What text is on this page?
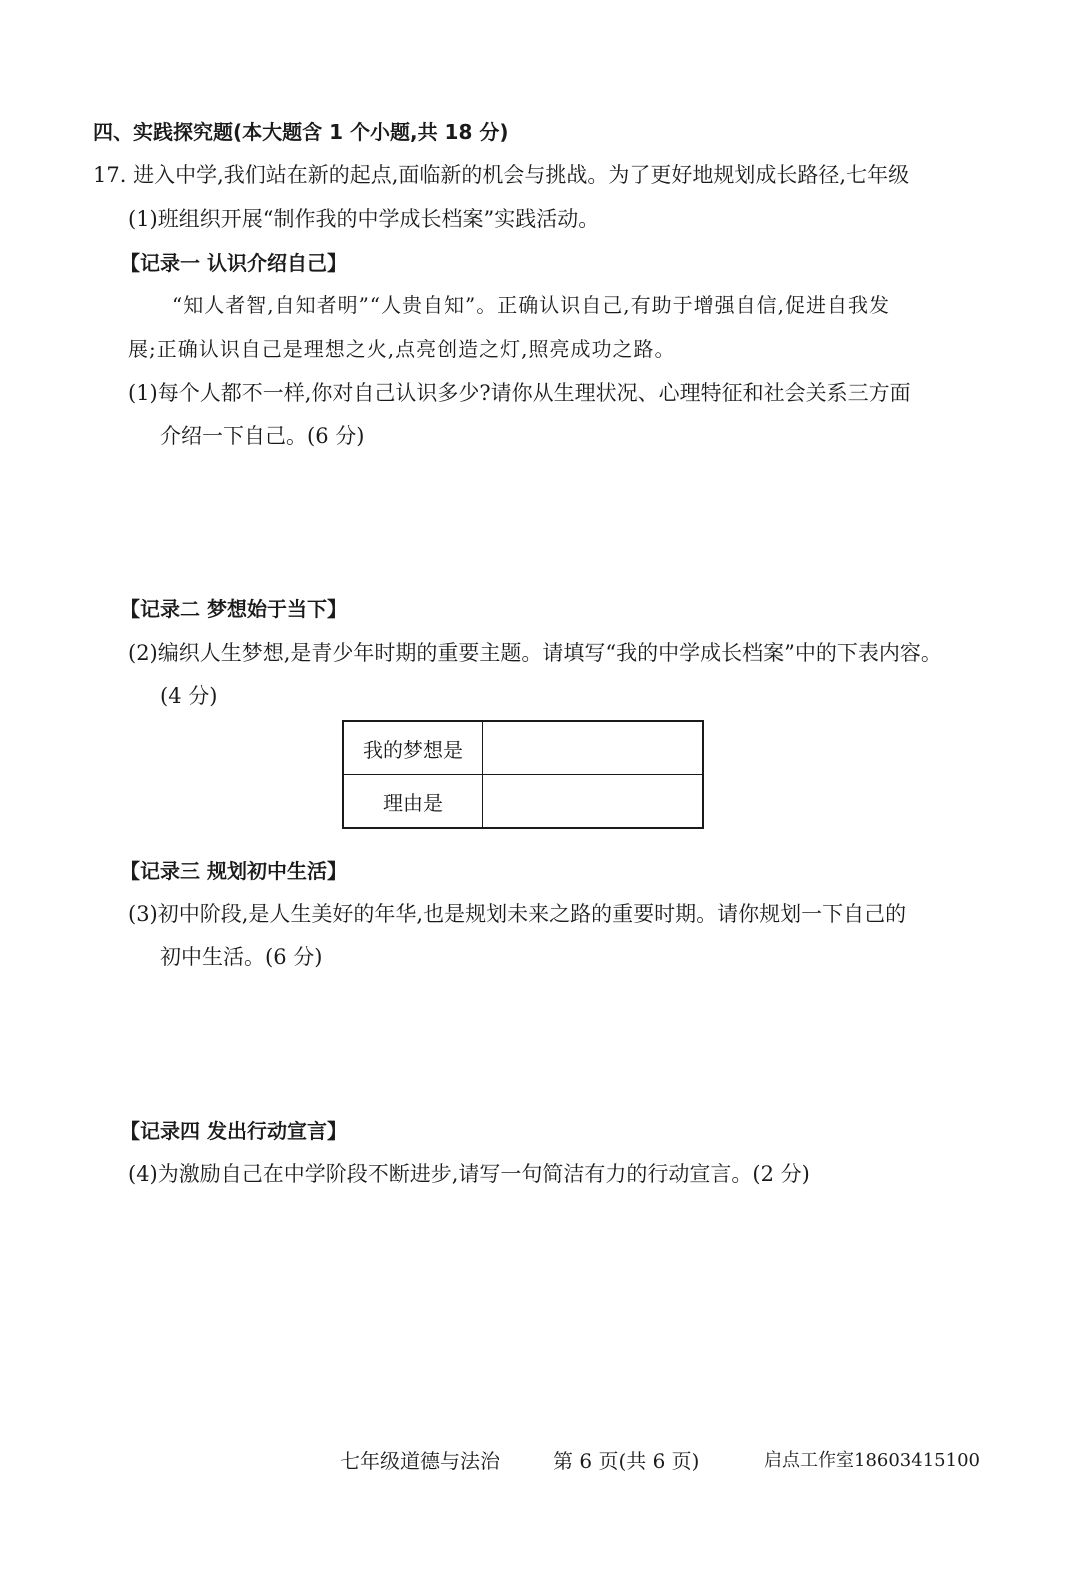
四、实践探究题(本大题含 1 个小题,共 18 分)
17. 进入中学,我们站在新的起点,面临新的机会与挑战。为了更好地规划成长路径,七年级
(1)班组织开展“制作我的中学成长档案”实践活动。
【记录一 认识介绍自己】
“知人者智,自知者明”“人贵自知”。正确认识自己,有助于增强自信,促进自我发
展;正确认识自己是理想之火,点亮创造之灯,照亮成功之路。
(1)每个人都不一样,你对自己认识多少?请你从生理状况、心理特征和社会关系三方面
介绍一下自己。(6 分)
【记录二 梦想始于当下】
(2)编织人生梦想,是青少年时期的重要主题。请填写“我的中学成长档案”中的下表内容。
(4 分)
我的梦想是	
理由是	
【记录三 规划初中生活】
(3)初中阶段,是人生美好的年华,也是规划未来之路的重要时期。请你规划一下自己的
初中生活。(6 分)
【记录四 发出行动宣言】
(4)为激励自己在中学阶段不断进步,请写一句简洁有力的行动宣言。(2 分)
七年级道德与法治	第 6 页(共 6 页)	启点工作室18603415100
